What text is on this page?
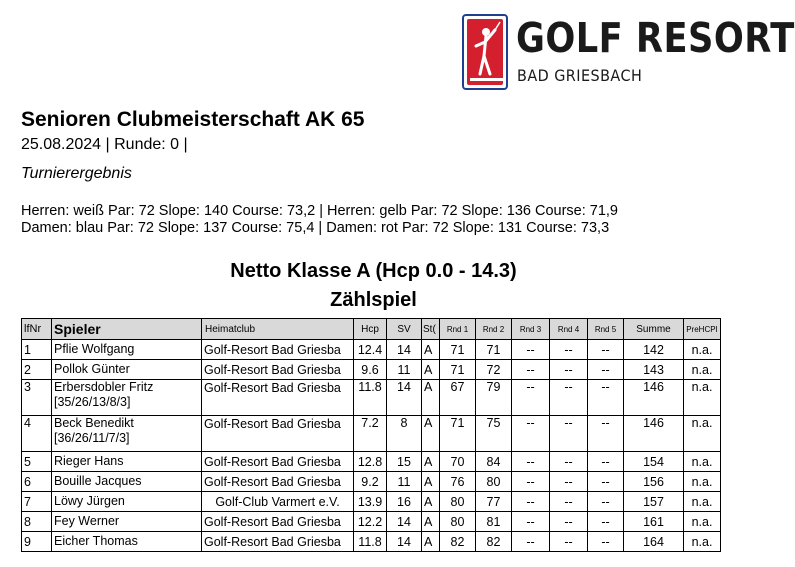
GOLF RESORT
BAD GRIESBACH
Senioren Clubmeisterschaft AK 65
25.08.2024 | Runde: 0 |
Turnierergebnis
Herren: weiß Par: 72 Slope: 140 Course: 73,2 | Herren: gelb Par: 72 Slope: 136 Course: 71,9
Damen: blau Par: 72 Slope: 137 Course: 75,4 | Damen: rot Par: 72 Slope: 131 Course: 73,3
Netto Klasse A (Hcp 0.0 - 14.3)
Zählspiel
lfNr	Spieler	Heimatclub	Hcp	SV	St(	Rnd 1	Rnd 2	Rnd 3	Rnd 4	Rnd 5	Summe	PreHCPI
1	Pflie Wolfgang	Golf-Resort Bad Griesba	12.4	14	A	71	71	--	--	--	142	n.a.
2	Pollok Günter	Golf-Resort Bad Griesba	9.6	11	A	71	72	--	--	--	143	n.a.
3	Erbersdobler Fritz
[35/26/13/8/3]	Golf-Resort Bad Griesba	11.8	14	A	67	79	--	--	--	146	n.a.
4	Beck Benedikt
[36/26/11/7/3]	Golf-Resort Bad Griesba	7.2	8	A	71	75	--	--	--	146	n.a.
5	Rieger Hans	Golf-Resort Bad Griesba	12.8	15	A	70	84	--	--	--	154	n.a.
6	Bouille Jacques	Golf-Resort Bad Griesba	9.2	11	A	76	80	--	--	--	156	n.a.
7	Löwy Jürgen	Golf-Club Varmert e.V.	13.9	16	A	80	77	--	--	--	157	n.a.
8	Fey Werner	Golf-Resort Bad Griesba	12.2	14	A	80	81	--	--	--	161	n.a.
9	Eicher Thomas	Golf-Resort Bad Griesba	11.8	14	A	82	82	--	--	--	164	n.a.
